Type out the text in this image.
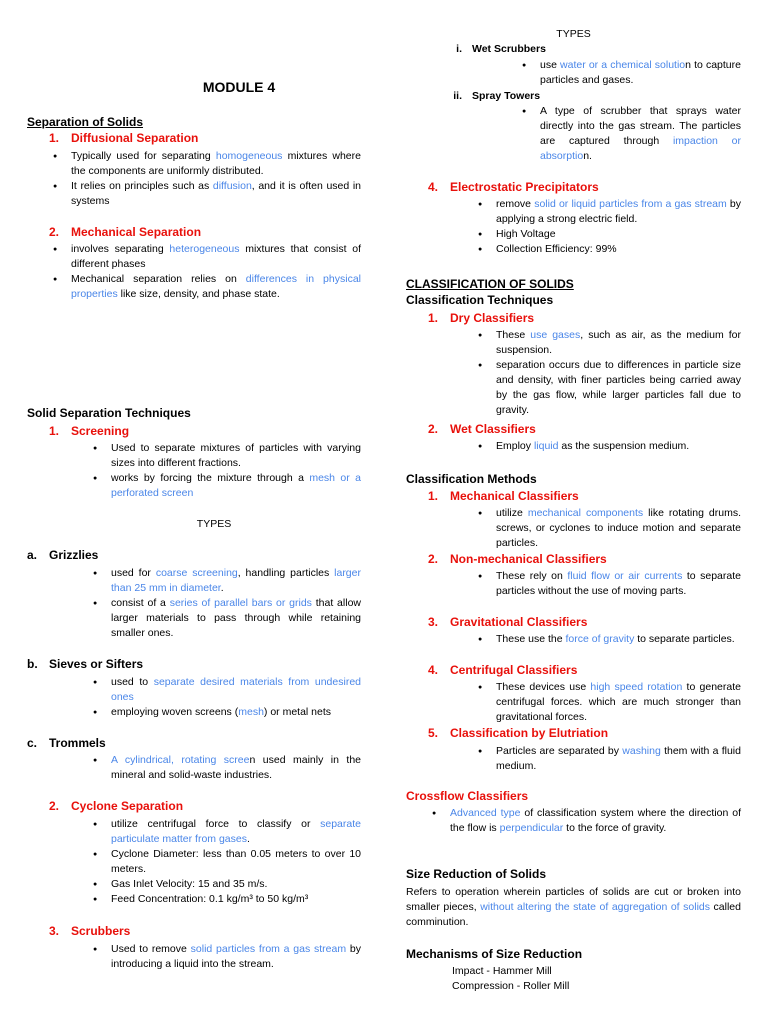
MODULE 4
Separation of Solids
1. Diffusional Separation
● Typically used for separating homogeneous mixtures where the components are uniformly distributed.
● It relies on principles such as diffusion, and it is often used in systems
2. Mechanical Separation
● involves separating heterogeneous mixtures that consist of different phases
● Mechanical separation relies on differences in physical properties like size, density, and phase state.
Solid Separation Techniques
1. Screening
● Used to separate mixtures of particles with varying sizes into different fractions.
● works by forcing the mixture through a mesh or a perforated screen
TYPES
a. Grizzlies
● used for coarse screening, handling particles larger than 25 mm in diameter.
● consist of a series of parallel bars or grids that allow larger materials to pass through while retaining smaller ones.
b. Sieves or Sifters
● used to separate desired materials from undesired ones
● employing woven screens (mesh) or metal nets
c. Trommels
● A cylindrical, rotating screen used mainly in the mineral and solid-waste industries.
2. Cyclone Separation
● utilize centrifugal force to classify or separate particulate matter from gases.
● Cyclone Diameter: less than 0.05 meters to over 10 meters.
● Gas Inlet Velocity: 15 and 35 m/s.
● Feed Concentration: 0.1 kg/m³ to 50 kg/m³
3. Scrubbers
● Used to remove solid particles from a gas stream by introducing a liquid into the stream.
TYPES
i. Wet Scrubbers
● use water or a chemical solution to capture particles and gases.
ii. Spray Towers
● A type of scrubber that sprays water directly into the gas stream. The particles are captured through impaction or absorption.
4. Electrostatic Precipitators
● remove solid or liquid particles from a gas stream by applying a strong electric field.
● High Voltage
● Collection Efficiency: 99%
CLASSIFICATION OF SOLIDS
Classification Techniques
1. Dry Classifiers
● These use gases, such as air, as the medium for suspension.
● separation occurs due to differences in particle size and density, with finer particles being carried away by the gas flow, while larger particles fall due to gravity.
2. Wet Classifiers
● Employ liquid as the suspension medium.
Classification Methods
1. Mechanical Classifiers
● utilize mechanical components like rotating drums. screws, or cyclones to induce motion and separate particles.
2. Non-mechanical Classifiers
● These rely on fluid flow or air currents to separate particles without the use of moving parts.
3. Gravitational Classifiers
● These use the force of gravity to separate particles.
4. Centrifugal Classifiers
● These devices use high speed rotation to generate centrifugal forces. which are much stronger than gravitational forces.
5. Classification by Elutriation
● Particles are separated by washing them with a fluid medium.
Crossflow Classifiers
● Advanced type of classification system where the direction of the flow is perpendicular to the force of gravity.
Size Reduction of Solids
Refers to operation wherein particles of solids are cut or broken into smaller pieces, without altering the state of aggregation of solids called comminution.
Mechanisms of Size Reduction
Impact - Hammer Mill
Compression - Roller Mill
